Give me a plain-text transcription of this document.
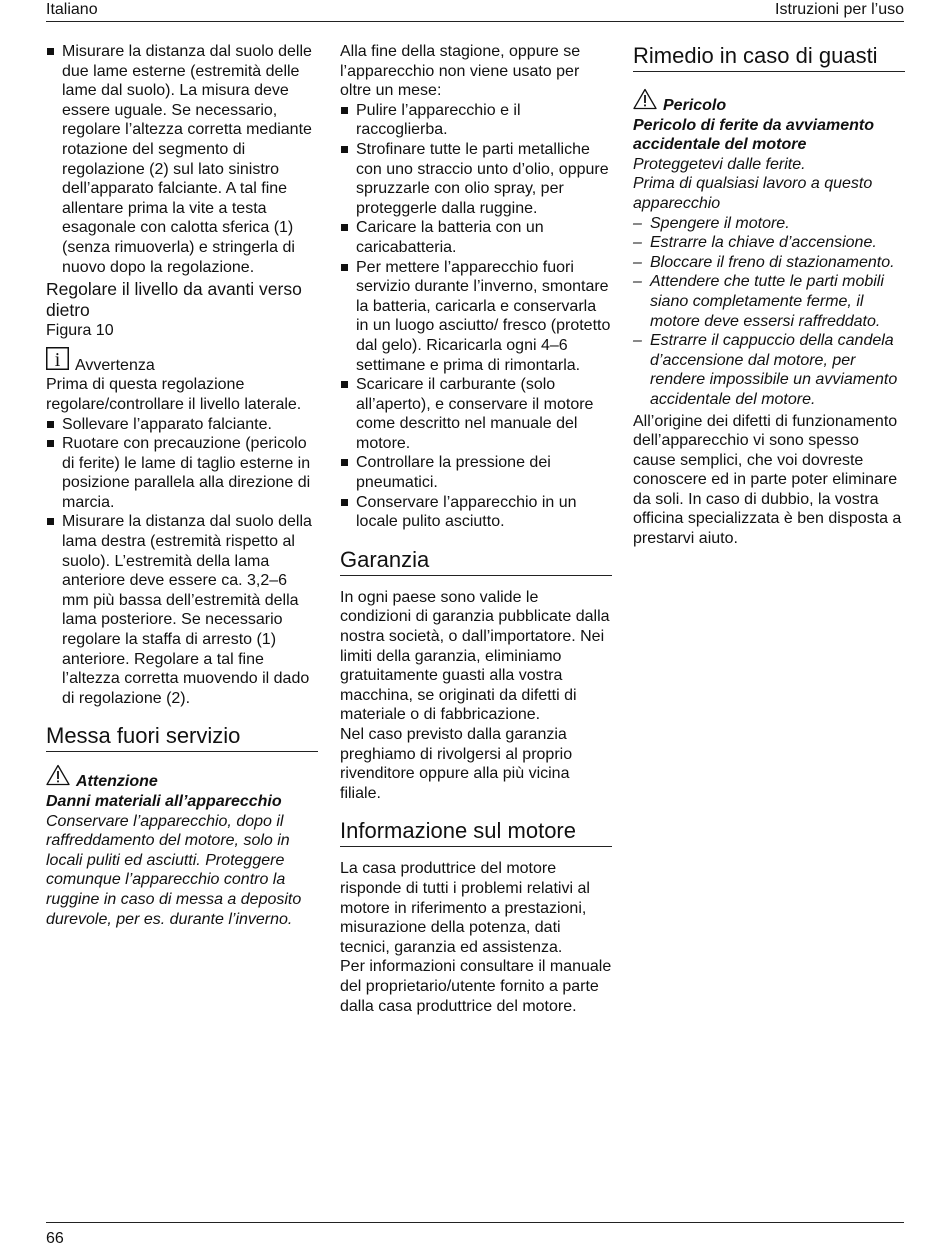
Italiano	Istruzioni per l’uso
Misurare la distanza dal suolo delle due lame esterne (estremità delle lame dal suolo). La misura deve essere uguale. Se necessario, regolare l’altezza corretta mediante rotazione del segmento di regolazione (2) sul lato sinistro dell’apparato falciante. A tal fine allentare prima la vite a testa esagonale con calotta sferica (1) (senza rimuoverla) e stringerla di nuovo dopo la regolazione.

Regolare il livello da avanti verso dietro

Figura 10

i Avvertenza

Prima di questa regolazione regolare/controllare il livello laterale.

Sollevare l’apparato falciante.
Ruotare con precauzione (pericolo di ferite) le lame di taglio esterne in posizione parallela alla direzione di marcia.
Misurare la distanza dal suolo della lama destra (estremità rispetto al suolo). L’estremità della lama anteriore deve essere ca. 3,2–6 mm più bassa dell’estremità della lama posteriore. Se necessario regolare la staffa di arresto (1) anteriore. Regolare a tal fine l’altezza corretta muovendo il dado di regolazione (2).
Messa fuori servizio
Attenzione

Danni materiali all’apparecchio

Conservare l’apparecchio, dopo il raffreddamento del motore, solo in locali puliti ed asciutti. Proteggere comunque l’apparecchio contro la ruggine in caso di messa a deposito durevole, per es. durante l’inverno.

Alla fine della stagione, oppure se l’apparecchio non viene usato per oltre un mese:

Pulire l’apparecchio e il raccoglierba.
Strofinare tutte le parti metalliche con uno straccio unto d’olio, oppure spruzzarle con olio spray, per proteggerle dalla ruggine.
Caricare la batteria con un caricabatteria.
Per mettere l’apparecchio fuori servizio durante l’inverno, smontare la batteria, caricarla e conservarla in un luogo asciutto/ fresco (protetto dal gelo). Ricaricarla ogni 4–6 settimane e prima di rimontarla.
Scaricare il carburante (solo all’aperto), e conservare il motore come descritto nel manuale del motore.
Controllare la pressione dei pneumatici.
Conservare l’apparecchio in un locale pulito asciutto.
Garanzia

In ogni paese sono valide le condizioni di garanzia pubblicate dalla nostra società, o dall’importatore. Nei limiti della garanzia, eliminiamo gratuitamente guasti alla vostra macchina, se originati da difetti di materiale o di fabbricazione.

Nel caso previsto dalla garanzia preghiamo di rivolgersi al proprio rivenditore oppure alla più vicina filiale.

Informazione sul motore

La casa produttrice del motore risponde di tutti i problemi relativi al motore in riferimento a prestazioni, misurazione della potenza, dati tecnici, garanzia ed assistenza.

Per informazioni consultare il manuale del proprietario/utente fornito a parte dalla casa produttrice del motore.

Rimedio in caso di guasti
Pericolo

Pericolo di ferite da avviamento accidentale del motore

Proteggetevi dalle ferite.

Prima di qualsiasi lavoro a questo apparecchio

– Spengere il motore.
– Estrarre la chiave d’accensione.
– Bloccare il freno di stazionamento.
– Attendere che tutte le parti mobili siano completamente ferme, il motore deve essersi raffreddato.
– Estrarre il cappuccio della candela d’accensione dal motore, per rendere impossibile un avviamento accidentale del motore.

All’origine dei difetti di funzionamento dell’apparecchio vi sono spesso cause semplici, che voi dovreste conoscere ed in parte poter eliminare da soli. In caso di dubbio, la vostra officina specializzata è ben disposta a prestarvi aiuto.

66
